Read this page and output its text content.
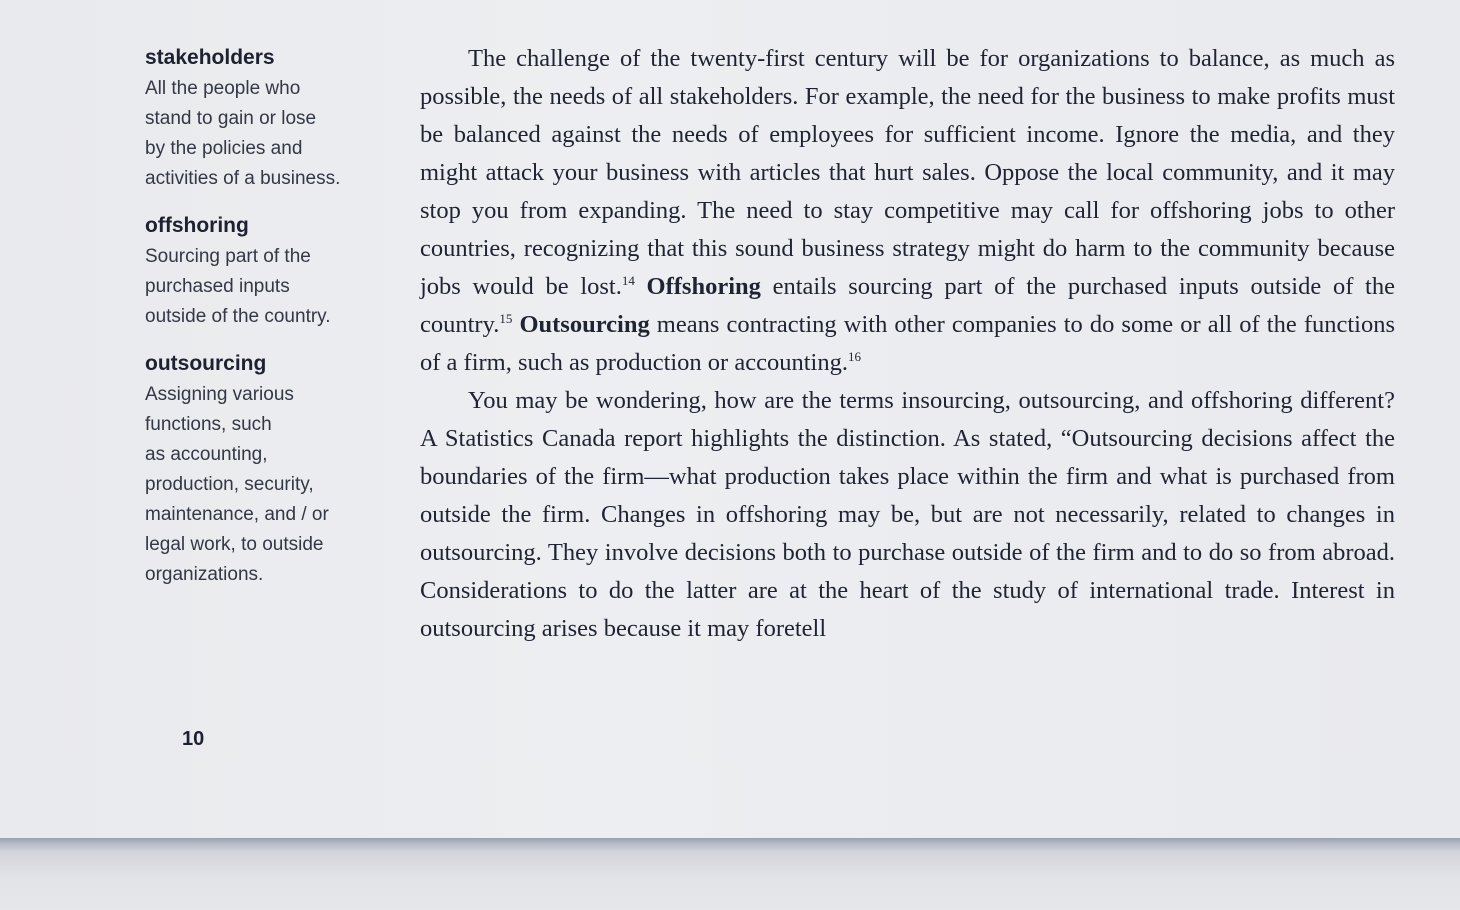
stakeholders
All the people who
stand to gain or lose
by the policies and
activities of a business.
offshoring
Sourcing part of the
purchased inputs
outside of the country.
outsourcing
Assigning various
functions, such
as accounting,
production, security,
maintenance, and / or
legal work, to outside
organizations.

The challenge of the twenty-first century will be for organizations to balance, as much as possible, the needs of all stakeholders. For example, the need for the business to make profits must be balanced against the needs of employees for sufficient income. Ignore the media, and they might attack your business with articles that hurt sales. Oppose the local community, and it may stop you from expanding. The need to stay competitive may call for offshoring jobs to other countries, recognizing that this sound business strategy might do harm to the community because jobs would be lost.$^{14}$ Offshoring entails sourcing part of the purchased inputs outside of the country.$^{15}$ Outsourcing means contracting with other companies to do some or all of the functions of a firm, such as production or accounting.$^{16}$

You may be wondering, how are the terms insourcing, outsourcing, and offshoring different? A Statistics Canada report highlights the distinction. As stated, “Outsourcing decisions affect the boundaries of the firm—what production takes place within the firm and what is purchased from outside the firm. Changes in offshoring may be, but are not necessarily, related to changes in outsourcing. They involve decisions both to purchase outside of the firm and to do so from abroad. Considerations to do the latter are at the heart of the study of international trade. Interest in outsourcing arises because it may foretell

10
